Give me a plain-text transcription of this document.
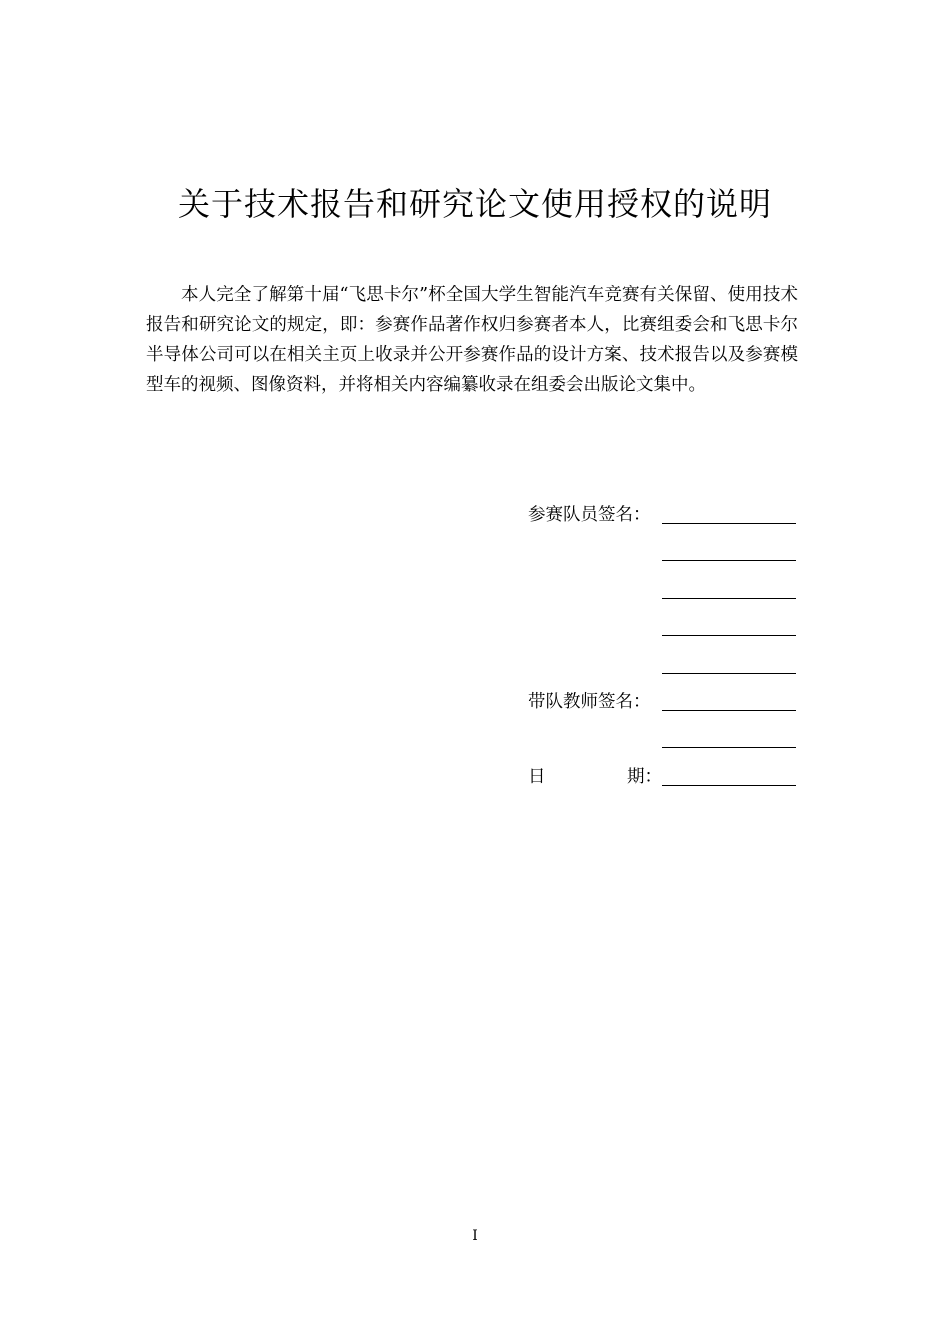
关于技术报告和研究论文使用授权的说明

本人完全了解第十届“飞思卡尔”杯全国大学生智能汽车竞赛有关保留、使用技术报告和研究论文的规定，即：参赛作品著作权归参赛者本人，比赛组委会和飞思卡尔半导体公司可以在相关主页上收录并公开参赛作品的设计方案、技术报告以及参赛模型车的视频、图像资料，并将相关内容编纂收录在组委会出版论文集中。

参赛队员签名：
带队教师签名：
日	期：
I
